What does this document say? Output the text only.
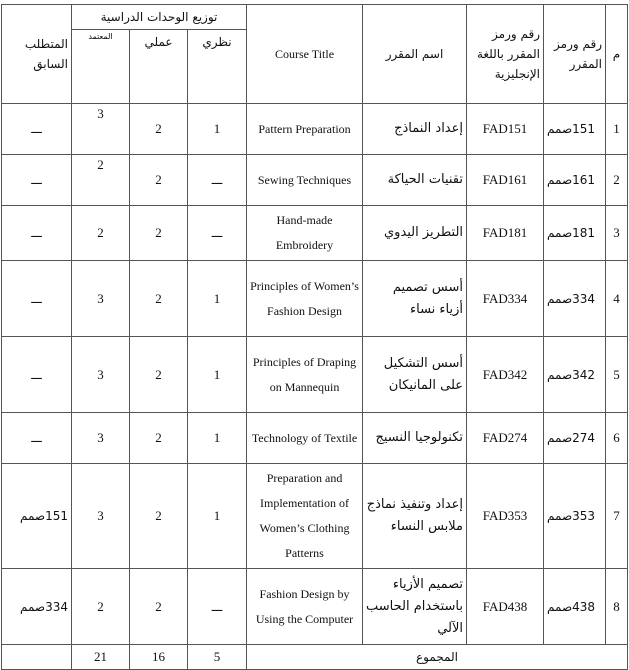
م	رقم ورمز المقرر	رقم ورمز المقرر باللغة الإنجليزية	اسم المقرر	Course Title	توزيع الوحدات الدراسية			المتطلب السابق
					نظري	عملي	المعتمد	
1	151صمم	FAD151	إعداد النماذج	Pattern Preparation	1	2	3	ـــ
2	161صمم	FAD161	تقنيات الحياكة	Sewing Techniques	ـــ	2	2	ـــ
3	181صمم	FAD181	التطريز اليدوي	Hand-made Embroidery	ـــ	2	2	ـــ
4	334صمم	FAD334	أسس تصميم أزياء نساء	Principles of Women’s Fashion Design	1	2	3	ـــ
5	342صمم	FAD342	أسس التشكيل على المانيكان	Principles of Draping on Mannequin	1	2	3	ـــ
6	274صمم	FAD274	تكنولوجيا النسيج	Technology of Textile	1	2	3	ـــ
7	353صمم	FAD353	إعداد وتنفيذ نماذج ملابس النساء	Preparation and Implementation of Women’s Clothing Patterns	1	2	3	151صمم
8	438صمم	FAD438	تصميم الأزياء باستخدام الحاسب الآلي	Fashion Design by Using the Computer	ـــ	2	2	334صمم
المجموع					5	16	21	
